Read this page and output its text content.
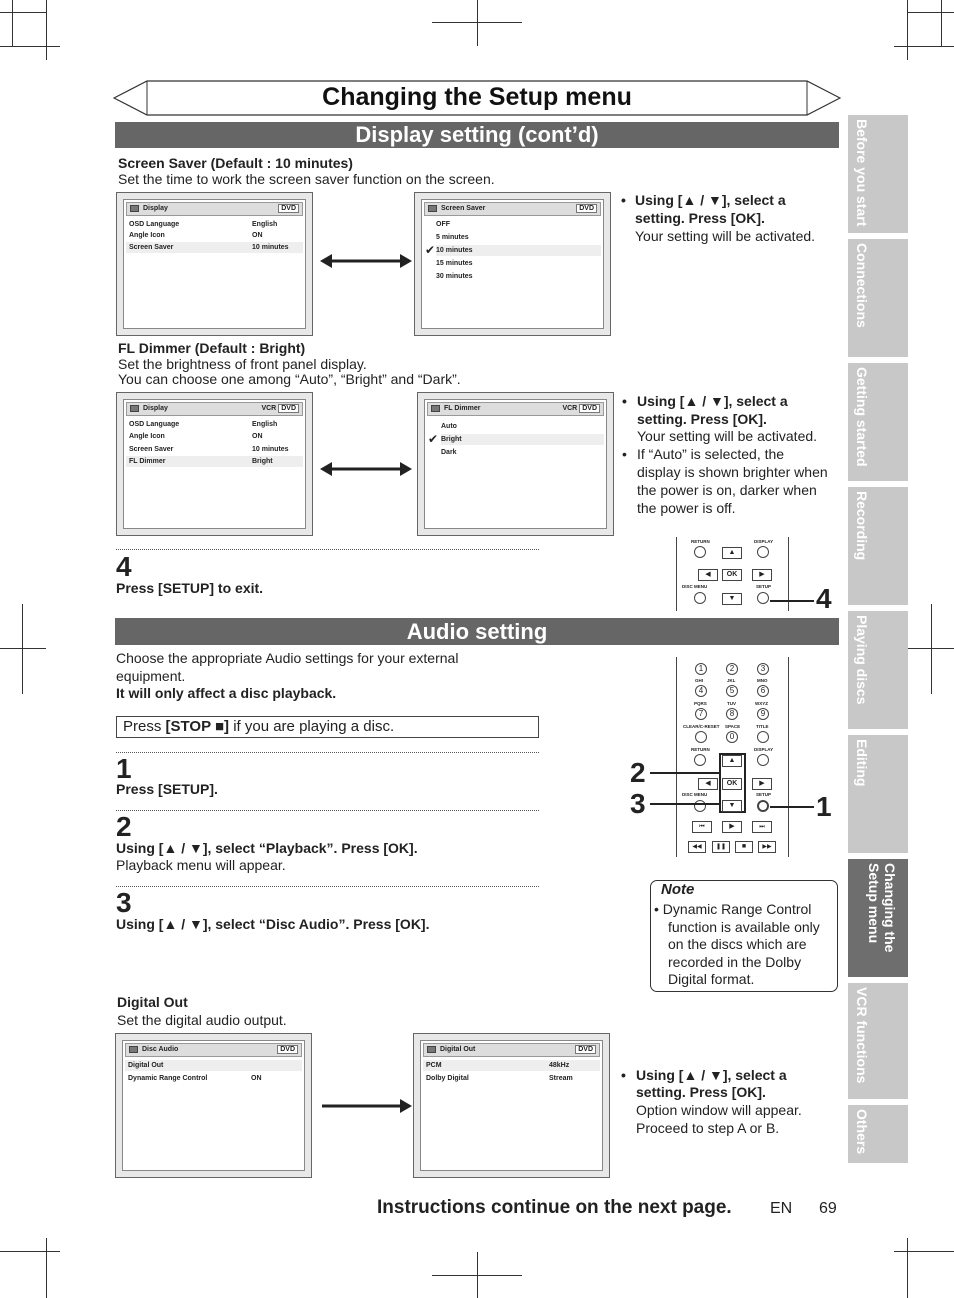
Changing the Setup menu
Display setting (cont’d)
Screen Saver (Default : 10 minutes)
Set the time to work the screen saver function on the screen.
Display	DVD
OSD Language	English
Angle Icon	ON
Screen Saver	10 minutes
Screen Saver	DVD
OFF
5 minutes
10 minutes
✔
15 minutes
30 minutes
• Using [▲ / ▼], select a
setting. Press [OK].
Your setting will be activated.
FL Dimmer (Default : Bright)
Set the brightness of front panel display.
You can choose one among “Auto”, “Bright” and “Dark”.
Display	VCR DVD
OSD Language	English
Angle Icon	ON
Screen Saver	10 minutes
FL Dimmer	Bright
FL Dimmer	VCR DVD
Auto
Bright
✔
Dark
• Using [▲ / ▼], select a
setting. Press [OK].
Your setting will be activated.
• If “Auto” is selected, the
display is shown brighter when
the power is on, darker when
the power is off.
4
Press [SETUP] to exit.
RETURN	DISPLAY
▲
◀	OK	▶
▼
DISC MENU	SETUP 4
Audio setting
Choose the appropriate Audio settings for your external
equipment.
It will only affect a disc playback.
Press [STOP ■] if you are playing a disc.
1
Press [SETUP].
2
Using [▲ / ▼], select “Playback”. Press [OK].
Playback menu will appear.
3
Using [▲ / ▼], select “Disc Audio”. Press [OK].
1	2	3
GHI	JKL	MNO
4	5	6
PQRS	TUV	WXYZ
7	8	9
CLEAR/C-RESET SPACE	TITLE
0
RETURN	DISPLAY
▲
◀	OK	▶
▼
DISC MENU	SETUP
⏮	▶	⏭
◀◀	❚❚	■	▶▶
2
3	1
Note
• Dynamic Range Control
function is available only
on the discs which are
recorded in the Dolby
Digital format.
Digital Out
Set the digital audio output.
Disc Audio	DVD
Digital Out
Dynamic Range Control	ON
Digital Out	DVD
PCM	48kHz
Dolby Digital	Stream	• Using [▲ / ▼], select a
setting. Press [OK].
Option window will appear.
Proceed to step A or B.
Instructions continue on the next page. EN 69
Before you start
Connections
Getting started
Recording
Playing discs
Editing
Changing the Setup menu
VCR functions
Others
